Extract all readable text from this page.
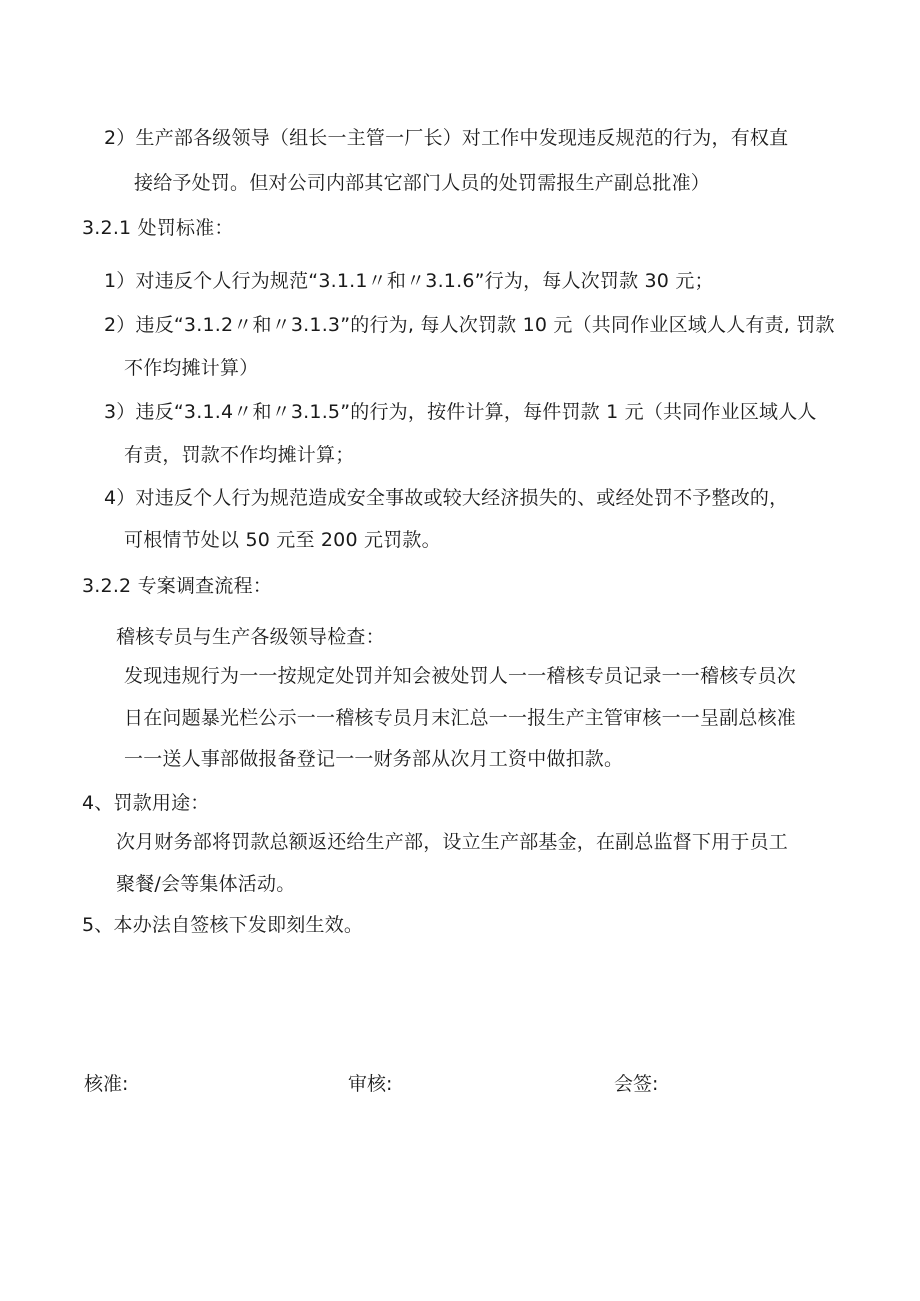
2）生产部各级领导（组长一主管一厂长）对工作中发现违反规范的行为，有权直
接给予处罚。但对公司内部其它部门人员的处罚需报生产副总批准）
3.2.1 处罚标准：
1）对违反个人行为规范“3.1.1〃和〃3.1.6”行为，每人次罚款 30 元；
2）违反“3.1.2〃和〃3.1.3”的行为, 每人次罚款 10 元（共同作业区域人人有责, 罚款
不作均摊计算）
3）违反“3.1.4〃和〃3.1.5”的行为，按件计算，每件罚款 1 元（共同作业区域人人
有责，罚款不作均摊计算；
4）对违反个人行为规范造成安全事故或较大经济损失的、或经处罚不予整改的，
可根情节处以 50 元至 200 元罚款。
3.2.2 专案调查流程：
稽核专员与生产各级领导检查：
发现违规行为一一按规定处罚并知会被处罚人一一稽核专员记录一一稽核专员次
日在问题暴光栏公示一一稽核专员月末汇总一一报生产主管审核一一呈副总核准
一一送人事部做报备登记一一财务部从次月工资中做扣款。
4、罚款用途：
次月财务部将罚款总额返还给生产部，设立生产部基金，在副总监督下用于员工
聚餐/会等集体活动。
5、本办法自签核下发即刻生效。
核准:	审核:	会签:
